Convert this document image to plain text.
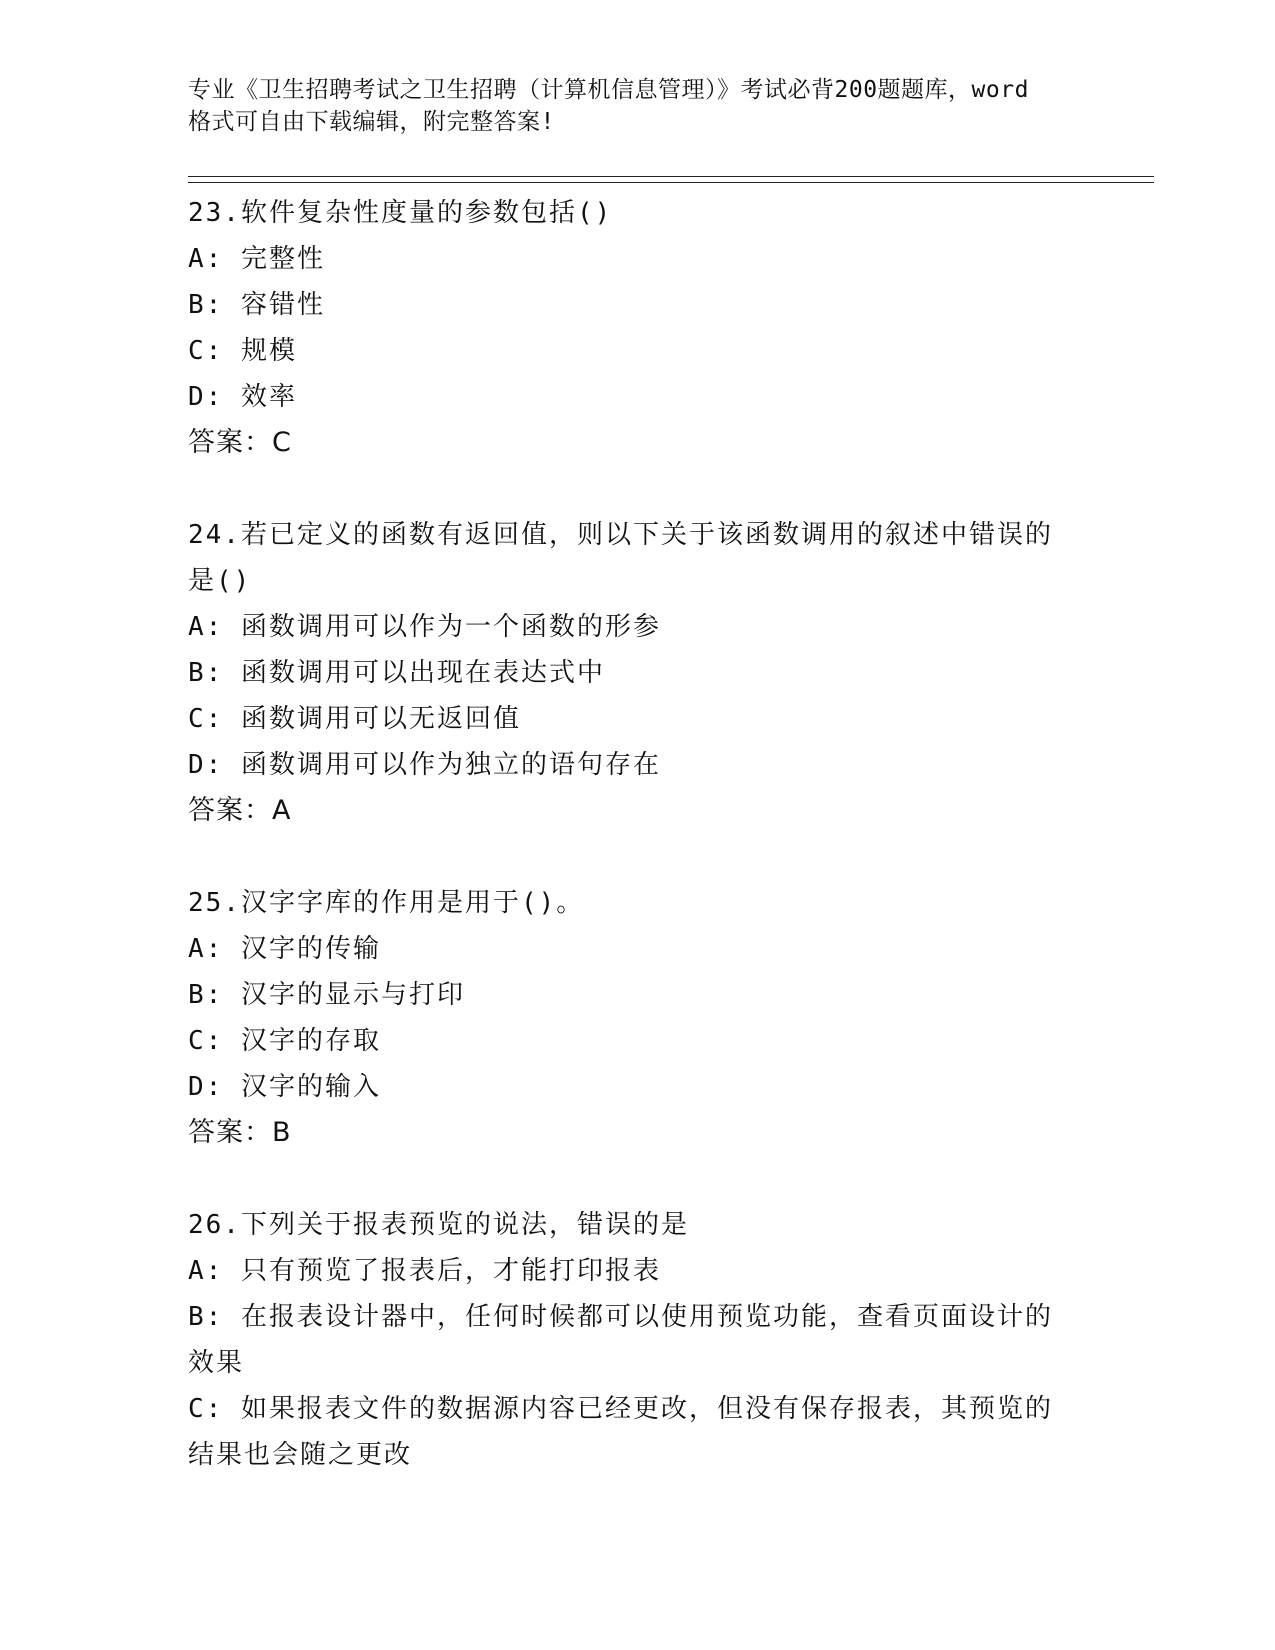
专业《卫生招聘考试之卫生招聘（计算机信息管理）》考试必背200题题库，word
格式可自由下载编辑，附完整答案!
23.软件复杂性度量的参数包括()
A: 完整性
B: 容错性
C: 规模
D: 效率
答案：C
24.若已定义的函数有返回值，则以下关于该函数调用的叙述中错误的
是()
A: 函数调用可以作为一个函数的形参
B: 函数调用可以出现在表达式中
C: 函数调用可以无返回值
D: 函数调用可以作为独立的语句存在
答案：A
25.汉字字库的作用是用于()。
A: 汉字的传输
B: 汉字的显示与打印
C: 汉字的存取
D: 汉字的输入
答案：B
26.下列关于报表预览的说法，错误的是
A: 只有预览了报表后，才能打印报表
B: 在报表设计器中，任何时候都可以使用预览功能，查看页面设计的
效果
C: 如果报表文件的数据源内容已经更改，但没有保存报表，其预览的
结果也会随之更改
